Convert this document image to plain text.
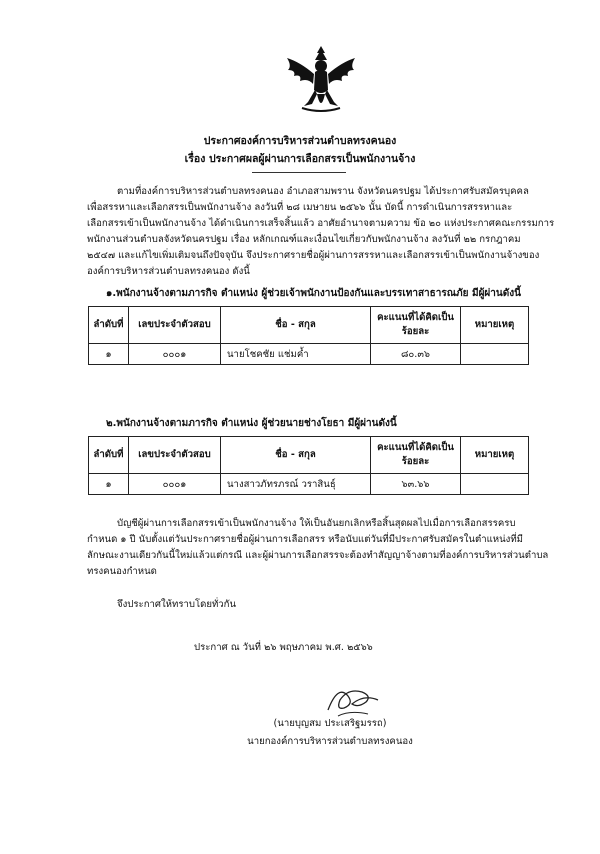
ประกาศองค์การบริหารส่วนตำบลทรงคนอง
เรื่อง ประกาศผลผู้ผ่านการเลือกสรรเป็นพนักงานจ้าง
ตามที่องค์การบริหารส่วนตำบลทรงคนอง อำเภอสามพราน จังหวัดนครปฐม ได้ประกาศรับสมัครบุคคล
เพื่อสรรหาและเลือกสรรเป็นพนักงานจ้าง ลงวันที่ ๒๘ เมษายน ๒๕๖๖ นั้น บัดนี้ การดำเนินการสรรหาและ
เลือกสรรเข้าเป็นพนักงานจ้าง ได้ดำเนินการเสร็จสิ้นแล้ว อาศัยอำนาจตามความ ข้อ ๒๐ แห่งประกาศคณะกรรมการ
พนักงานส่วนตำบลจังหวัดนครปฐม เรื่อง หลักเกณฑ์และเงื่อนไขเกี่ยวกับพนักงานจ้าง ลงวันที่ ๒๒ กรกฎาคม
๒๕๔๗ และแก้ไขเพิ่มเติมจนถึงปัจจุบัน จึงประกาศรายชื่อผู้ผ่านการสรรหาและเลือกสรรเข้าเป็นพนักงานจ้างของ
องค์การบริหารส่วนตำบลทรงคนอง ดังนี้
๑.พนักงานจ้างตามภารกิจ ตำแหน่ง ผู้ช่วยเจ้าพนักงานป้องกันและบรรเทาสาธารณภัย มีผู้ผ่านดังนี้
ลำดับที่	เลขประจำตัวสอบ	ชื่อ - สกุล	คะแนนที่ได้คิดเป็นร้อยละ	หมายเหตุ
๑	๐๐๐๑	นายโชคชัย แช่มค้ำ	๘๐.๓๖	
๒.พนักงานจ้างตามภารกิจ ตำแหน่ง ผู้ช่วยนายช่างโยธา มีผู้ผ่านดังนี้
ลำดับที่	เลขประจำตัวสอบ	ชื่อ - สกุล	คะแนนที่ได้คิดเป็นร้อยละ	หมายเหตุ
๑	๐๐๐๑	นางสาวภัทรภรณ์ วราสินธุ์	๖๓.๖๖	
บัญชีผู้ผ่านการเลือกสรรเข้าเป็นพนักงานจ้าง ให้เป็นอันยกเลิกหรือสิ้นสุดผลไปเมื่อการเลือกสรรครบ
กำหนด ๑ ปี นับตั้งแต่วันประกาศรายชื่อผู้ผ่านการเลือกสรร หรือนับแต่วันที่มีประกาศรับสมัครในตำแหน่งที่มี
ลักษณะงานเดียวกันนี้ใหม่แล้วแต่กรณี และผู้ผ่านการเลือกสรรจะต้องทำสัญญาจ้างตามที่องค์การบริหารส่วนตำบล
ทรงคนองกำหนด
จึงประกาศให้ทราบโดยทั่วกัน
ประกาศ ณ วันที่ ๒๖ พฤษภาคม พ.ศ. ๒๕๖๖
(นายบุญสม ประเสริฐมรรถ)
นายกองค์การบริหารส่วนตำบลทรงคนอง
